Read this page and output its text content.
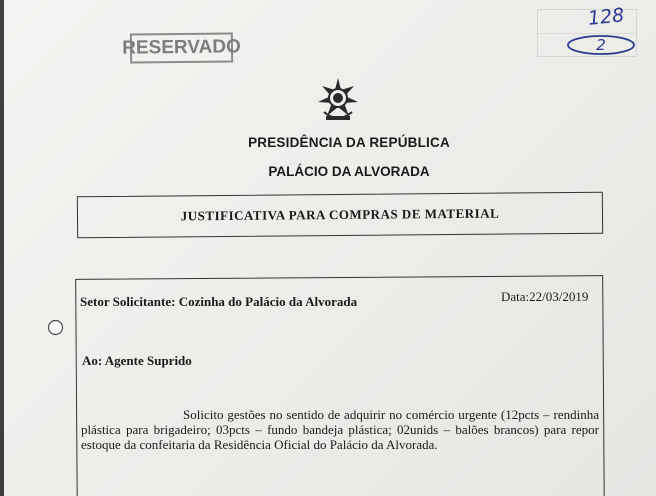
RESERVADO
128
2
PRESIDÊNCIA DA REPÚBLICA
PALÁCIO DA ALVORADA
JUSTIFICATIVA PARA COMPRAS DE MATERIAL
Setor Solicitante: Cozinha do Palácio da Alvorada	Data:22/03/2019
Ao: Agente Suprido

Solicito gestões no sentido de adquirir no comércio urgente (12pcts – rendinha plástica para brigadeiro; 03pcts – fundo bandeja plástica; 02unids – balões brancos) para repor estoque da confeitaria da Residência Oficial do Palácio da Alvorada.
